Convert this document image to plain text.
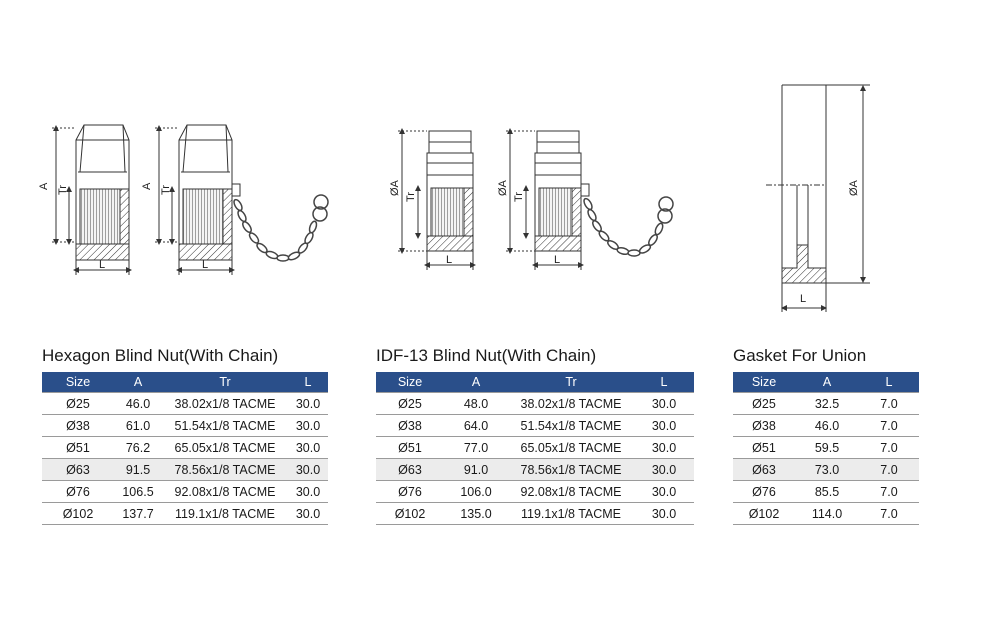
A Tr
L
A Tr
L
ØA
Tr
L
ØA
Tr
L
ØA
L
Hexagon Blind Nut(With Chain)
Size	A	Tr	L
Ø25	46.0	38.02x1/8 TACME	30.0
Ø38	61.0	51.54x1/8 TACME	30.0
Ø51	76.2	65.05x1/8 TACME	30.0
Ø63	91.5	78.56x1/8 TACME	30.0
Ø76	106.5	92.08x1/8 TACME	30.0
Ø102	137.7	119.1x1/8 TACME	30.0
IDF-13 Blind Nut(With Chain)
Size	A	Tr	L
Ø25	48.0	38.02x1/8 TACME	30.0
Ø38	64.0	51.54x1/8 TACME	30.0
Ø51	77.0	65.05x1/8 TACME	30.0
Ø63	91.0	78.56x1/8 TACME	30.0
Ø76	106.0	92.08x1/8 TACME	30.0
Ø102	135.0	119.1x1/8 TACME	30.0
Gasket For Union
Size	A	L
Ø25	32.5	7.0
Ø38	46.0	7.0
Ø51	59.5	7.0
Ø63	73.0	7.0
Ø76	85.5	7.0
Ø102	114.0	7.0
